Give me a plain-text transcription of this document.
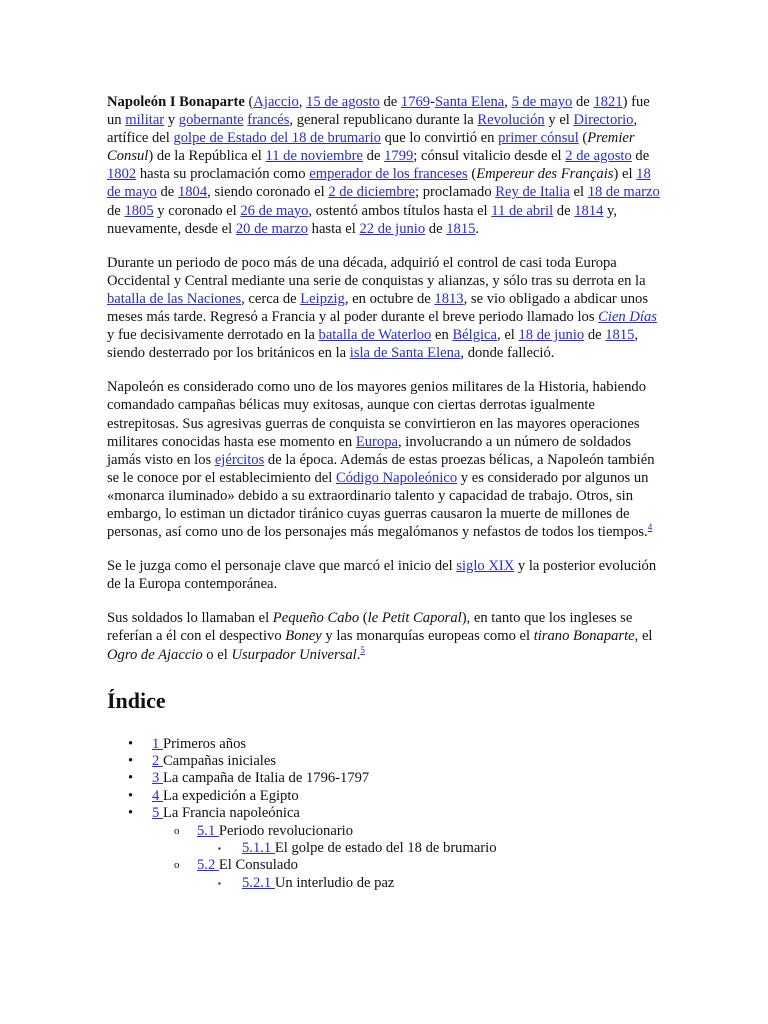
Napoleón I Bonaparte (Ajaccio, 15 de agosto de 1769-Santa Elena, 5 de mayo de 1821) fue un militar y gobernante francés, general republicano durante la Revolución y el Directorio, artífice del golpe de Estado del 18 de brumario que lo convirtió en primer cónsul (Premier Consul) de la República el 11 de noviembre de 1799; cónsul vitalicio desde el 2 de agosto de 1802 hasta su proclamación como emperador de los franceses (Empereur des Français) el 18 de mayo de 1804, siendo coronado el 2 de diciembre; proclamado Rey de Italia el 18 de marzo de 1805 y coronado el 26 de mayo, ostentó ambos títulos hasta el 11 de abril de 1814 y, nuevamente, desde el 20 de marzo hasta el 22 de junio de 1815.

Durante un periodo de poco más de una década, adquirió el control de casi toda Europa Occidental y Central mediante una serie de conquistas y alianzas, y sólo tras su derrota en la batalla de las Naciones, cerca de Leipzig, en octubre de 1813, se vio obligado a abdicar unos meses más tarde. Regresó a Francia y al poder durante el breve periodo llamado los Cien Días y fue decisivamente derrotado en la batalla de Waterloo en Bélgica, el 18 de junio de 1815, siendo desterrado por los británicos en la isla de Santa Elena, donde falleció.

Napoleón es considerado como uno de los mayores genios militares de la Historia, habiendo comandado campañas bélicas muy exitosas, aunque con ciertas derrotas igualmente estrepitosas. Sus agresivas guerras de conquista se convirtieron en las mayores operaciones militares conocidas hasta ese momento en Europa, involucrando a un número de soldados jamás visto en los ejércitos de la época. Además de estas proezas bélicas, a Napoleón también se le conoce por el establecimiento del Código Napoleónico y es considerado por algunos un «monarca iluminado» debido a su extraordinario talento y capacidad de trabajo. Otros, sin embargo, lo estiman un dictador tiránico cuyas guerras causaron la muerte de millones de personas, así como uno de los personajes más megalómanos y nefastos de todos los tiempos.$^4$

Se le juzga como el personaje clave que marcó el inicio del siglo XIX y la posterior evolución de la Europa contemporánea.

Sus soldados lo llamaban el Pequeño Cabo (le Petit Caporal), en tanto que los ingleses se referían a él con el despectivo Boney y las monarquías europeas como el tirano Bonaparte, el Ogro de Ajaccio o el Usurpador Universal.$^5$

Índice
• 1 Primeros años
• 2 Campañas iniciales
• 3 La campaña de Italia de 1796-1797
• 4 La expedición a Egipto
• 5 La Francia napoleónica
o 5.1 Periodo revolucionario
▪ 5.1.1 El golpe de estado del 18 de brumario
o 5.2 El Consulado
▪ 5.2.1 Un interludio de paz
